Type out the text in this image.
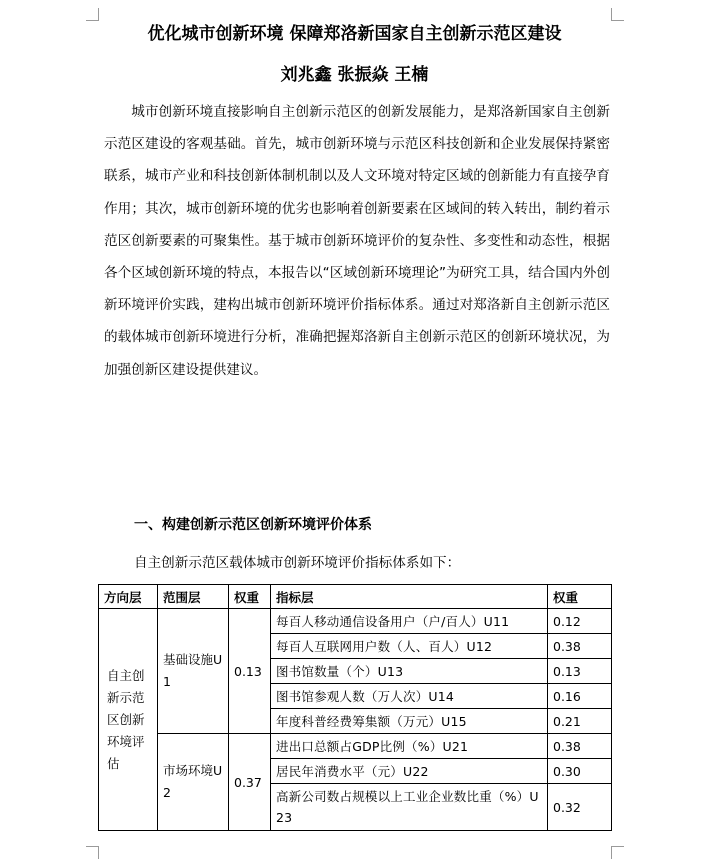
优化城市创新环境 保障郑洛新国家自主创新示范区建设
刘兆鑫 张振焱 王楠

城市创新环境直接影响自主创新示范区的创新发展能力，是郑洛新国家自主创新示范区建设的客观基础。首先，城市创新环境与示范区科技创新和企业发展保持紧密联系，城市产业和科技创新体制机制以及人文环境对特定区域的创新能力有直接孕育作用；其次，城市创新环境的优劣也影响着创新要素在区域间的转入转出，制约着示范区创新要素的可聚集性。基于城市创新环境评价的复杂性、多变性和动态性，根据各个区域创新环境的特点，本报告以“区域创新环境理论”为研究工具，结合国内外创新环境评价实践，建构出城市创新环境评价指标体系。通过对郑洛新自主创新示范区的载体城市创新环境进行分析，准确把握郑洛新自主创新示范区的创新环境状况，为加强创新区建设提供建议。

一、构建创新示范区创新环境评价体系
自主创新示范区载体城市创新环境评价指标体系如下：
方向层	范围层	权重	指标层	权重
自主创新示范区创新环境评估	基础设施U1	0.13	每百人移动通信设备用户（户/百人）U11	0.12
			每百人互联网用户数（人、百人）U12	0.38
			图书馆数量（个）U13	0.13
			图书馆参观人数（万人次）U14	0.16
			年度科普经费筹集额（万元）U15	0.21
	市场环境U2	0.37	进出口总额占GDP比例（%）U21	0.38
			居民年消费水平（元）U22	0.30
			高新公司数占规模以上工业企业数比重（%）U23	0.32
